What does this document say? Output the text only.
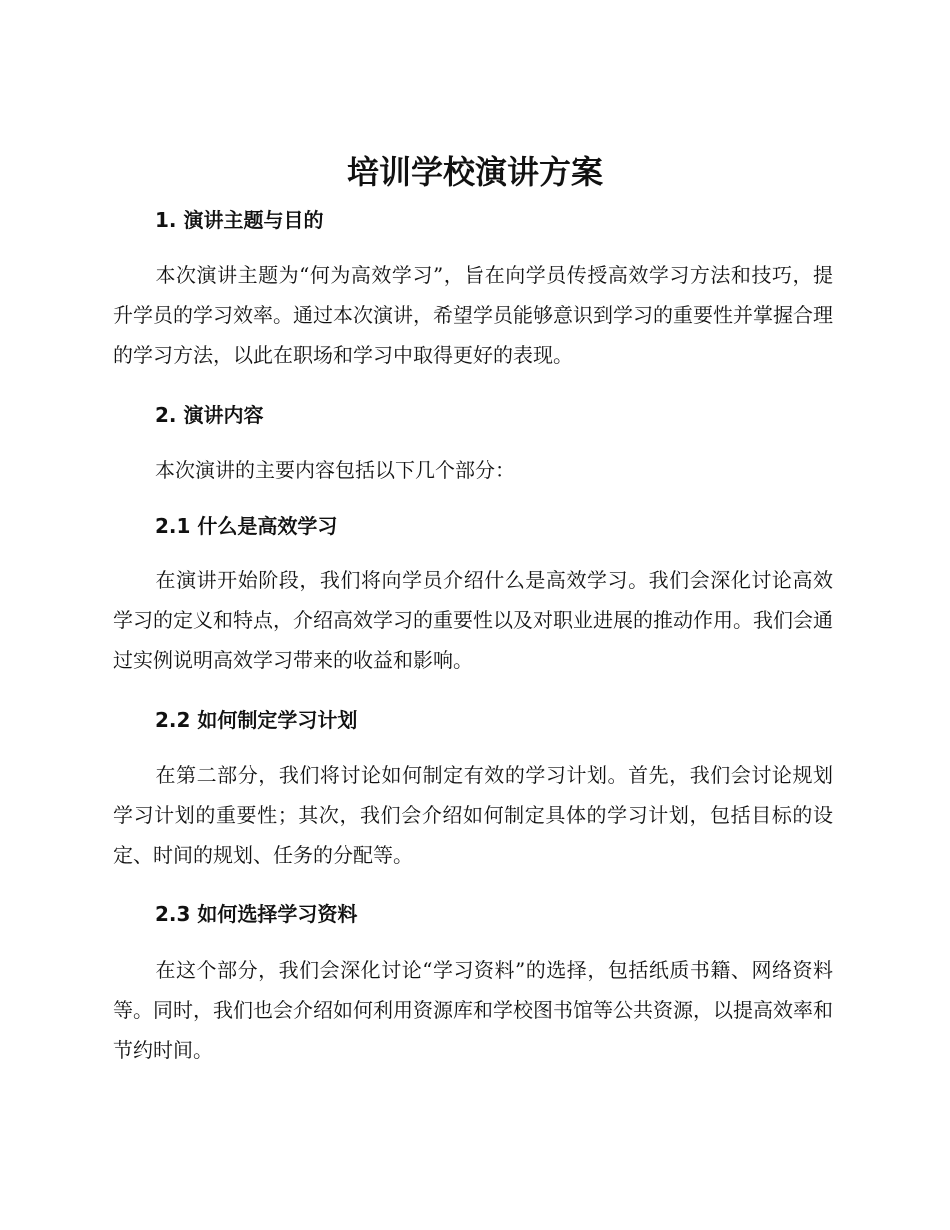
培训学校演讲方案
1. 演讲主题与目的

本次演讲主题为“何为高效学习”，旨在向学员传授高效学习方法和技巧，提升学员的学习效率。通过本次演讲，希望学员能够意识到学习的重要性并掌握合理的学习方法，以此在职场和学习中取得更好的表现。

2. 演讲内容

本次演讲的主要内容包括以下几个部分：

2.1 什么是高效学习

在演讲开始阶段，我们将向学员介绍什么是高效学习。我们会深化讨论高效学习的定义和特点，介绍高效学习的重要性以及对职业进展的推动作用。我们会通过实例说明高效学习带来的收益和影响。

2.2 如何制定学习计划

在第二部分，我们将讨论如何制定有效的学习计划。首先，我们会讨论规划学习计划的重要性；其次，我们会介绍如何制定具体的学习计划，包括目标的设定、时间的规划、任务的分配等。

2.3 如何选择学习资料

在这个部分，我们会深化讨论“学习资料”的选择，包括纸质书籍、网络资料等。同时，我们也会介绍如何利用资源库和学校图书馆等公共资源，以提高效率和节约时间。
